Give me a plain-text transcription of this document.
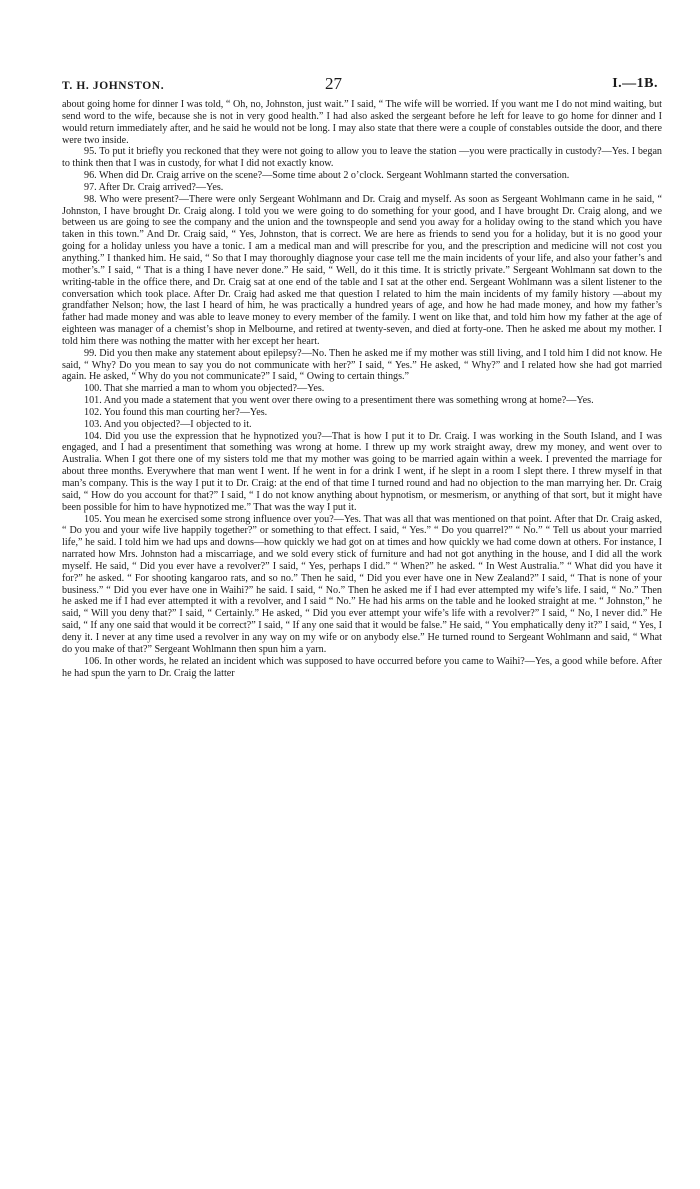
T. H. JOHNSTON.	27	I.—1B.

about going home for dinner I was told, “ Oh, no, Johnston, just wait.” I said, “ The wife will be worried. If you want me I do not mind waiting, but send word to the wife, because she is not in very good health.” I had also asked the sergeant before he left for leave to go home for dinner and I would return immediately after, and he said he would not be long. I may also state that there were a couple of constables outside the door, and there were two inside.

95. To put it briefly you reckoned that they were not going to allow you to leave the station —you were practically in custody?—Yes. I began to think then that I was in custody, for what I did not exactly know.

96. When did Dr. Craig arrive on the scene?—Some time about 2 o’clock. Sergeant Wohlmann started the conversation.

97. After Dr. Craig arrived?—Yes.

98. Who were present?—There were only Sergeant Wohlmann and Dr. Craig and myself. As soon as Sergeant Wohlmann came in he said, “ Johnston, I have brought Dr. Craig along. I told you we were going to do something for your good, and I have brought Dr. Craig along, and we between us are going to see the company and the union and the townspeople and send you away for a holiday owing to the stand which you have taken in this town.” And Dr. Craig said, “ Yes, Johnston, that is correct. We are here as friends to send you for a holiday, but it is no good your going for a holiday unless you have a tonic. I am a medical man and will prescribe for you, and the prescription and medicine will not cost you anything.” I thanked him. He said, “ So that I may thoroughly diagnose your case tell me the main incidents of your life, and also your father’s and mother’s.” I said, “ That is a thing I have never done.” He said, “ Well, do it this time. It is strictly private.” Sergeant Wohlmann sat down to the writing-table in the office there, and Dr. Craig sat at one end of the table and I sat at the other end. Sergeant Wohlmann was a silent listener to the conversation which took place. After Dr. Craig had asked me that question I related to him the main incidents of my family history —about my grandfather Nelson; how, the last I heard of him, he was practically a hundred years of age, and how he had made money, and how my father’s father had made money and was able to leave money to every member of the family. I went on like that, and told him how my father at the age of eighteen was manager of a chemist’s shop in Melbourne, and retired at twenty-seven, and died at forty-one. Then he asked me about my mother. I told him there was nothing the matter with her except her heart.

99. Did you then make any statement about epilepsy?—No. Then he asked me if my mother was still living, and I told him I did not know. He said, “ Why? Do you mean to say you do not communicate with her?” I said, “ Yes.” He asked, “ Why?” and I related how she had got married again. He asked, “ Why do you not communicate?” I said, “ Owing to certain things.”

100. That she married a man to whom you objected?—Yes.

101. And you made a statement that you went over there owing to a presentiment there was something wrong at home?—Yes.

102. You found this man courting her?—Yes.

103. And you objected?—I objected to it.

104. Did you use the expression that he hypnotized you?—That is how I put it to Dr. Craig. I was working in the South Island, and I was engaged, and I had a presentiment that something was wrong at home. I threw up my work straight away, drew my money, and went over to Australia. When I got there one of my sisters told me that my mother was going to be married again within a week. I prevented the marriage for about three months. Everywhere that man went I went. If he went in for a drink I went, if he slept in a room I slept there. I threw myself in that man’s company. This is the way I put it to Dr. Craig: at the end of that time I turned round and had no objection to the man marrying her. Dr. Craig said, “ How do you account for that?” I said, “ I do not know anything about hypnotism, or mesmerism, or anything of that sort, but it might have been possible for him to have hypnotized me.” That was the way I put it.

105. You mean he exercised some strong influence over you?—Yes. That was all that was mentioned on that point. After that Dr. Craig asked, “ Do you and your wife live happily together?” or something to that effect. I said, “ Yes.” “ Do you quarrel?” “ No.” “ Tell us about your married life,” he said. I told him we had ups and downs—how quickly we had got on at times and how quickly we had come down at others. For instance, I narrated how Mrs. Johnston had a miscarriage, and we sold every stick of furniture and had not got anything in the house, and I did all the work myself. He said, “ Did you ever have a revolver?” I said, “ Yes, perhaps I did.” “ When?” he asked. “ In West Australia.” “ What did you have it for?” he asked. “ For shooting kangaroo rats, and so no.” Then he said, “ Did you ever have one in New Zealand?” I said, “ That is none of your business.” “ Did you ever have one in Waihi?” he said. I said, “ No.” Then he asked me if I had ever attempted my wife’s life. I said, “ No.” Then he asked me if I had ever attempted it with a revolver, and I said “ No.” He had his arms on the table and he looked straight at me. “ Johnston,” he said, “ Will you deny that?” I said, “ Certainly.” He asked, “ Did you ever attempt your wife’s life with a revolver?” I said, “ No, I never did.” He said, “ If any one said that would it be correct?” I said, “ If any one said that it would be false.” He said, “ You emphatically deny it?” I said, “ Yes, I deny it. I never at any time used a revolver in any way on my wife or on anybody else.” He turned round to Sergeant Wohlmann and said, “ What do you make of that?” Sergeant Wohlmann then spun him a yarn.

106. In other words, he related an incident which was supposed to have occurred before you came to Waihi?—Yes, a good while before. After he had spun the yarn to Dr. Craig the latter
